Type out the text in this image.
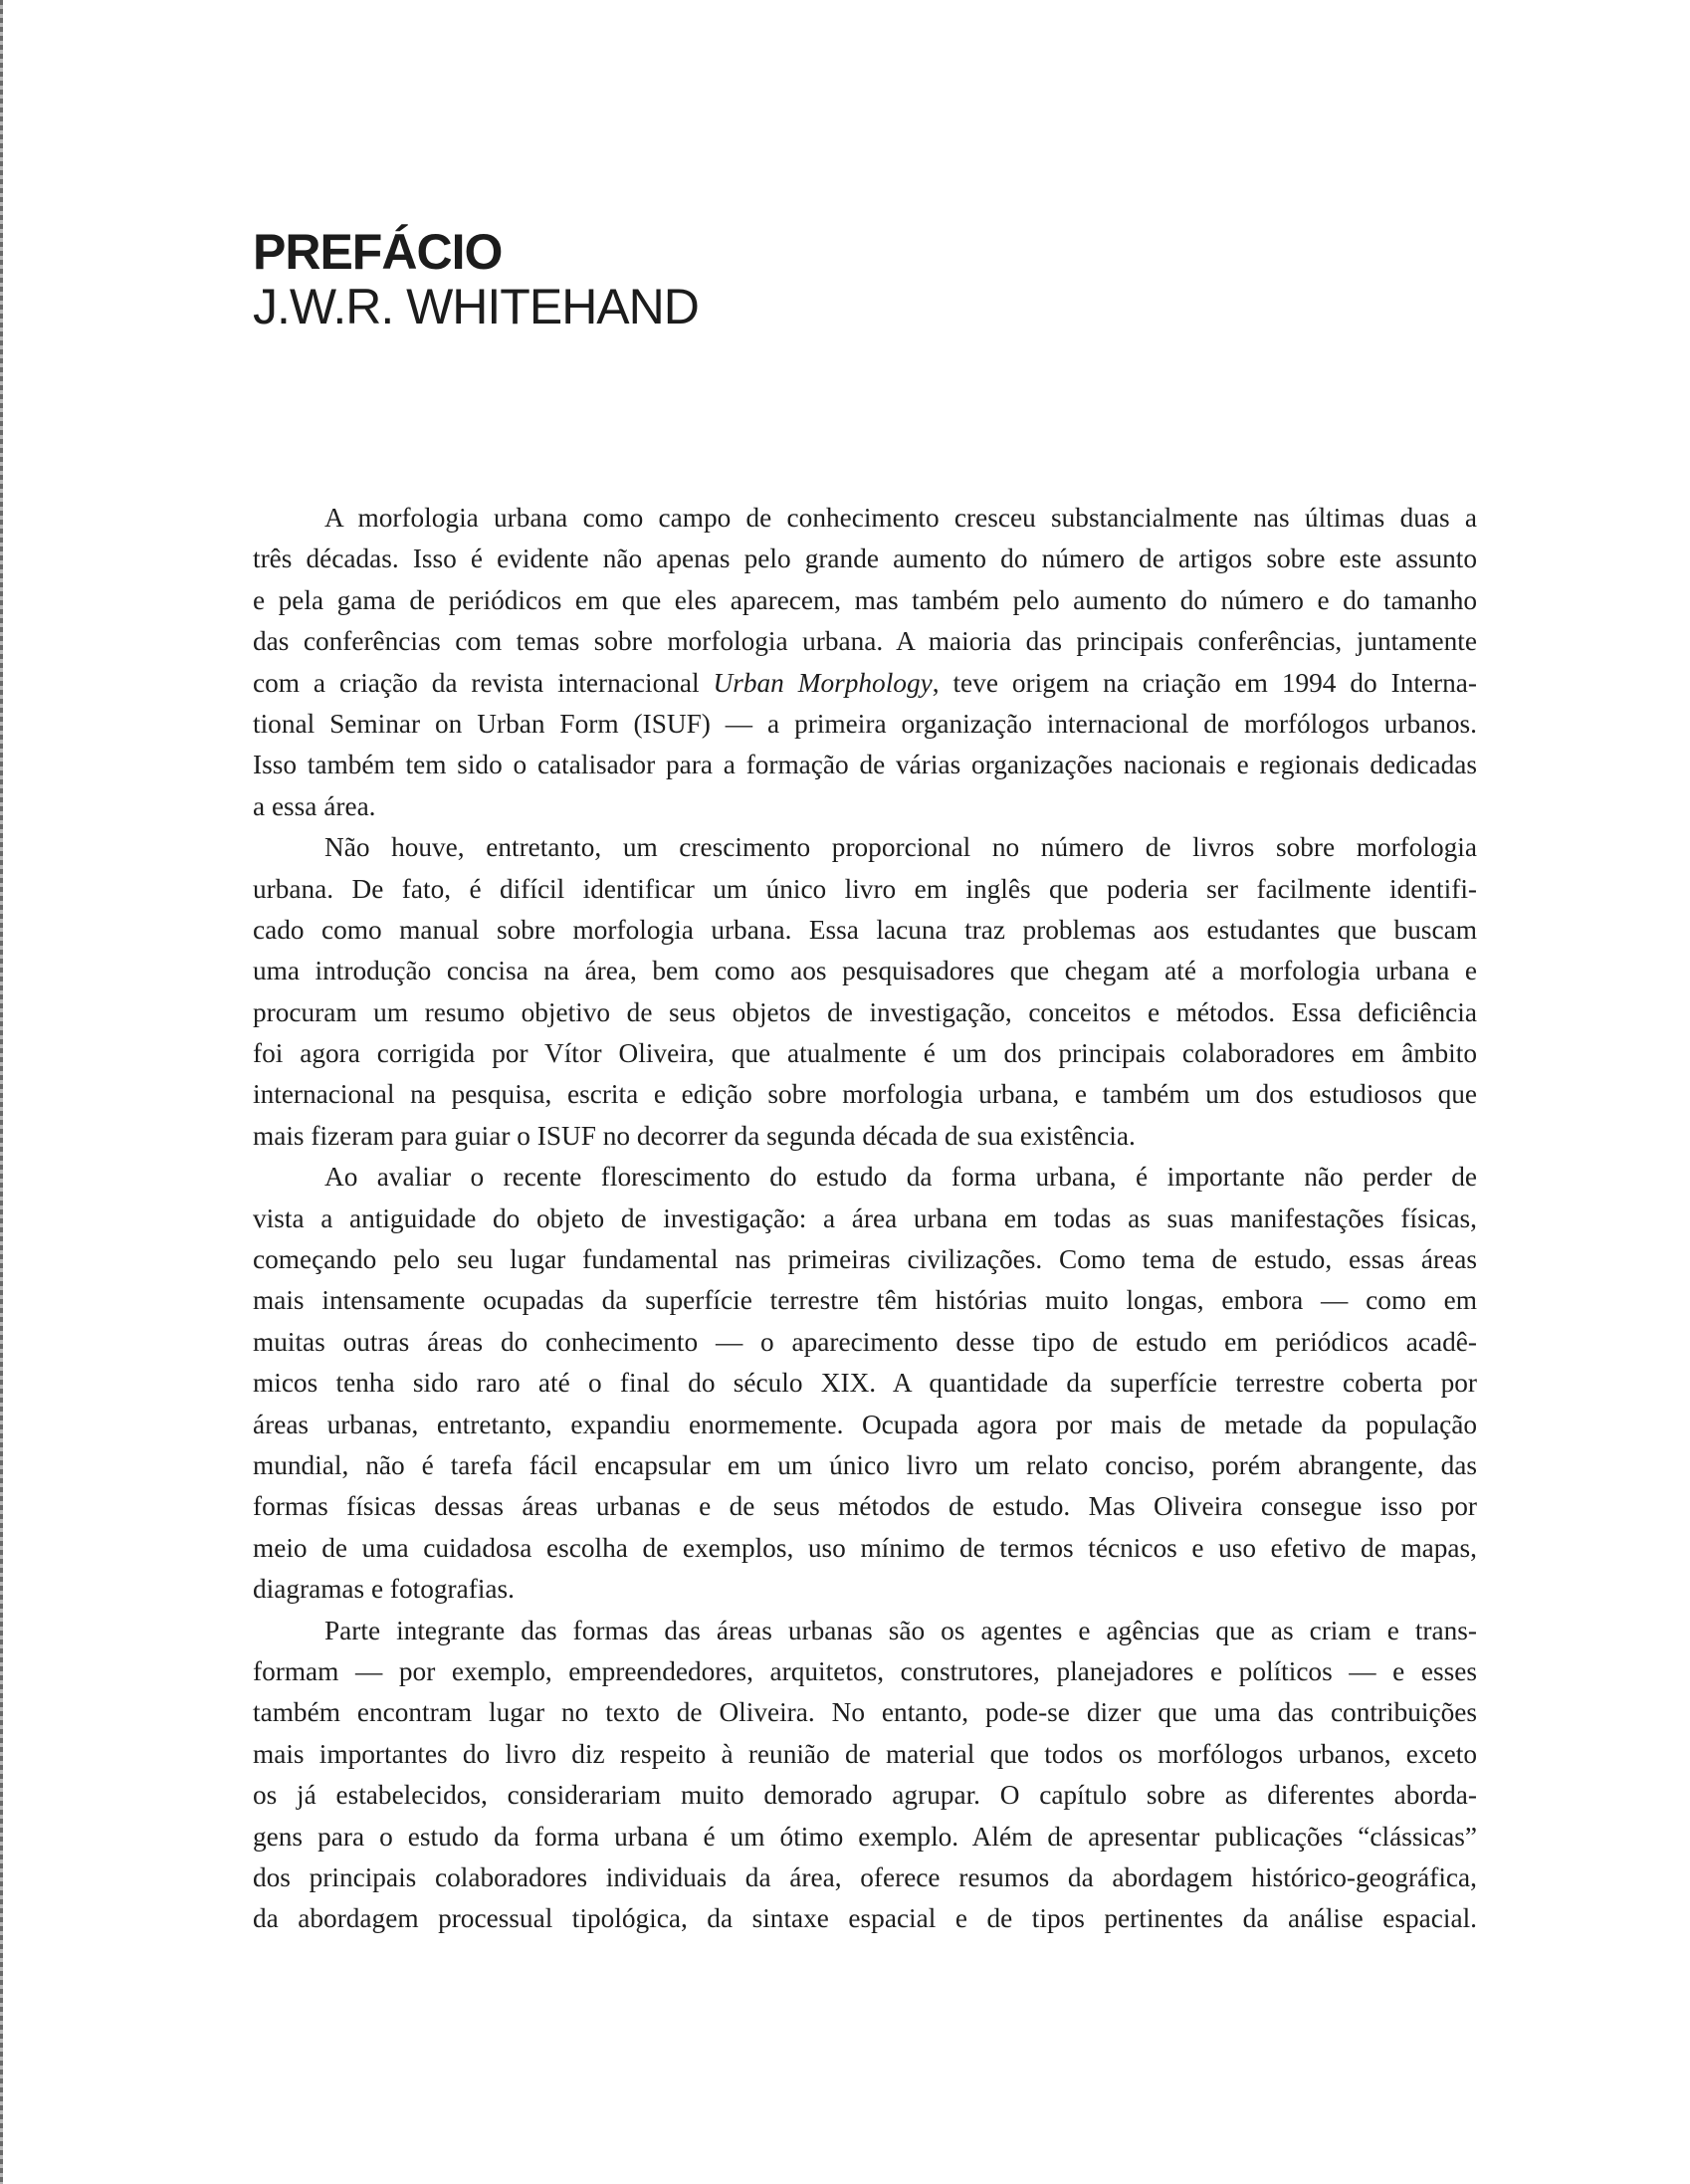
PREFÁCIO
J.W.R. WHITEHAND
A morfologia urbana como campo de conhecimento cresceu substancialmente nas últimas duas a
três décadas. Isso é evidente não apenas pelo grande aumento do número de artigos sobre este assunto
e pela gama de periódicos em que eles aparecem, mas também pelo aumento do número e do tamanho
das conferências com temas sobre morfologia urbana. A maioria das principais conferências, juntamente
com a criação da revista internacional Urban Morphology, teve origem na criação em 1994 do Interna-
tional Seminar on Urban Form (ISUF) — a primeira organização internacional de morfólogos urbanos.
Isso também tem sido o catalisador para a formação de várias organizações nacionais e regionais dedicadas
a essa área.
Não houve, entretanto, um crescimento proporcional no número de livros sobre morfologia
urbana. De fato, é difícil identificar um único livro em inglês que poderia ser facilmente identifi-
cado como manual sobre morfologia urbana. Essa lacuna traz problemas aos estudantes que buscam
uma introdução concisa na área, bem como aos pesquisadores que chegam até a morfologia urbana e
procuram um resumo objetivo de seus objetos de investigação, conceitos e métodos. Essa deficiência
foi agora corrigida por Vítor Oliveira, que atualmente é um dos principais colaboradores em âmbito
internacional na pesquisa, escrita e edição sobre morfologia urbana, e também um dos estudiosos que
mais fizeram para guiar o ISUF no decorrer da segunda década de sua existência.
Ao avaliar o recente florescimento do estudo da forma urbana, é importante não perder de
vista a antiguidade do objeto de investigação: a área urbana em todas as suas manifestações físicas,
começando pelo seu lugar fundamental nas primeiras civilizações. Como tema de estudo, essas áreas
mais intensamente ocupadas da superfície terrestre têm histórias muito longas, embora — como em
muitas outras áreas do conhecimento — o aparecimento desse tipo de estudo em periódicos acadê-
micos tenha sido raro até o final do século XIX. A quantidade da superfície terrestre coberta por
áreas urbanas, entretanto, expandiu enormemente. Ocupada agora por mais de metade da população
mundial, não é tarefa fácil encapsular em um único livro um relato conciso, porém abrangente, das
formas físicas dessas áreas urbanas e de seus métodos de estudo. Mas Oliveira consegue isso por
meio de uma cuidadosa escolha de exemplos, uso mínimo de termos técnicos e uso efetivo de mapas,
diagramas e fotografias.
Parte integrante das formas das áreas urbanas são os agentes e agências que as criam e trans-
formam — por exemplo, empreendedores, arquitetos, construtores, planejadores e políticos — e esses
também encontram lugar no texto de Oliveira. No entanto, pode-se dizer que uma das contribuições
mais importantes do livro diz respeito à reunião de material que todos os morfólogos urbanos, exceto
os já estabelecidos, considerariam muito demorado agrupar. O capítulo sobre as diferentes aborda-
gens para o estudo da forma urbana é um ótimo exemplo. Além de apresentar publicações “clássicas”
dos principais colaboradores individuais da área, oferece resumos da abordagem histórico-geográfica,
da abordagem processual tipológica, da sintaxe espacial e de tipos pertinentes da análise espacial.
